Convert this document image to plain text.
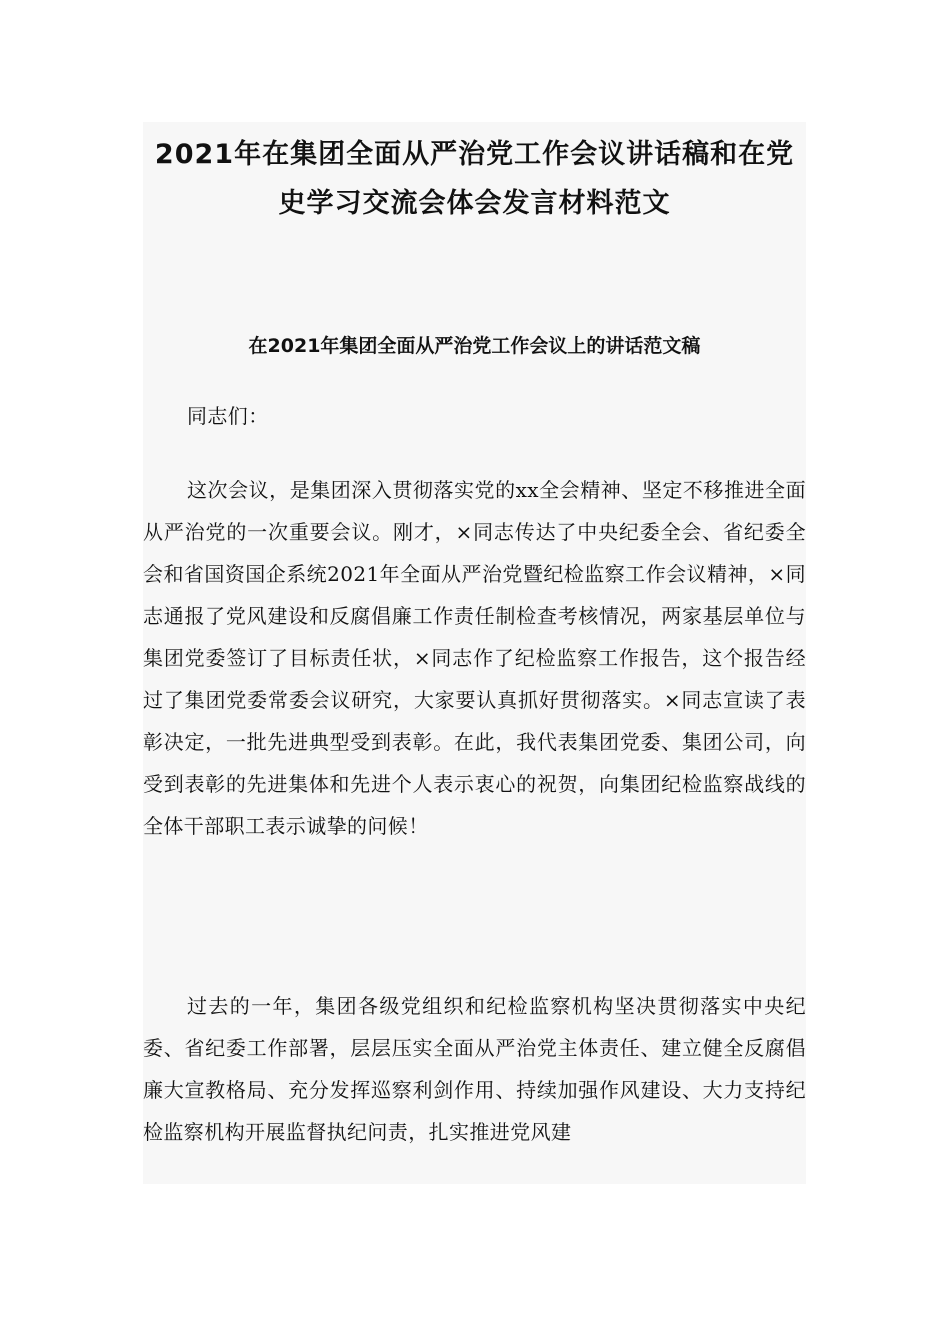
2021年在集团全面从严治党工作会议讲话稿和在党史学习交流会体会发言材料范文
在2021年集团全面从严治党工作会议上的讲话范文稿

同志们：

这次会议，是集团深入贯彻落实党的xx全会精神、坚定不移推进全面从严治党的一次重要会议。刚才，×同志传达了中央纪委全会、省纪委全会和省国资国企系统2021年全面从严治党暨纪检监察工作会议精神，×同志通报了党风建设和反腐倡廉工作责任制检查考核情况，两家基层单位与集团党委签订了目标责任状，×同志作了纪检监察工作报告，这个报告经过了集团党委常委会议研究，大家要认真抓好贯彻落实。×同志宣读了表彰决定，一批先进典型受到表彰。在此，我代表集团党委、集团公司，向受到表彰的先进集体和先进个人表示衷心的祝贺，向集团纪检监察战线的全体干部职工表示诚挚的问候！

过去的一年，集团各级党组织和纪检监察机构坚决贯彻落实中央纪委、省纪委工作部署，层层压实全面从严治党主体责任、建立健全反腐倡廉大宣教格局、充分发挥巡察利剑作用、持续加强作风建设、大力支持纪检监察机构开展监督执纪问责，扎实推进党风建
